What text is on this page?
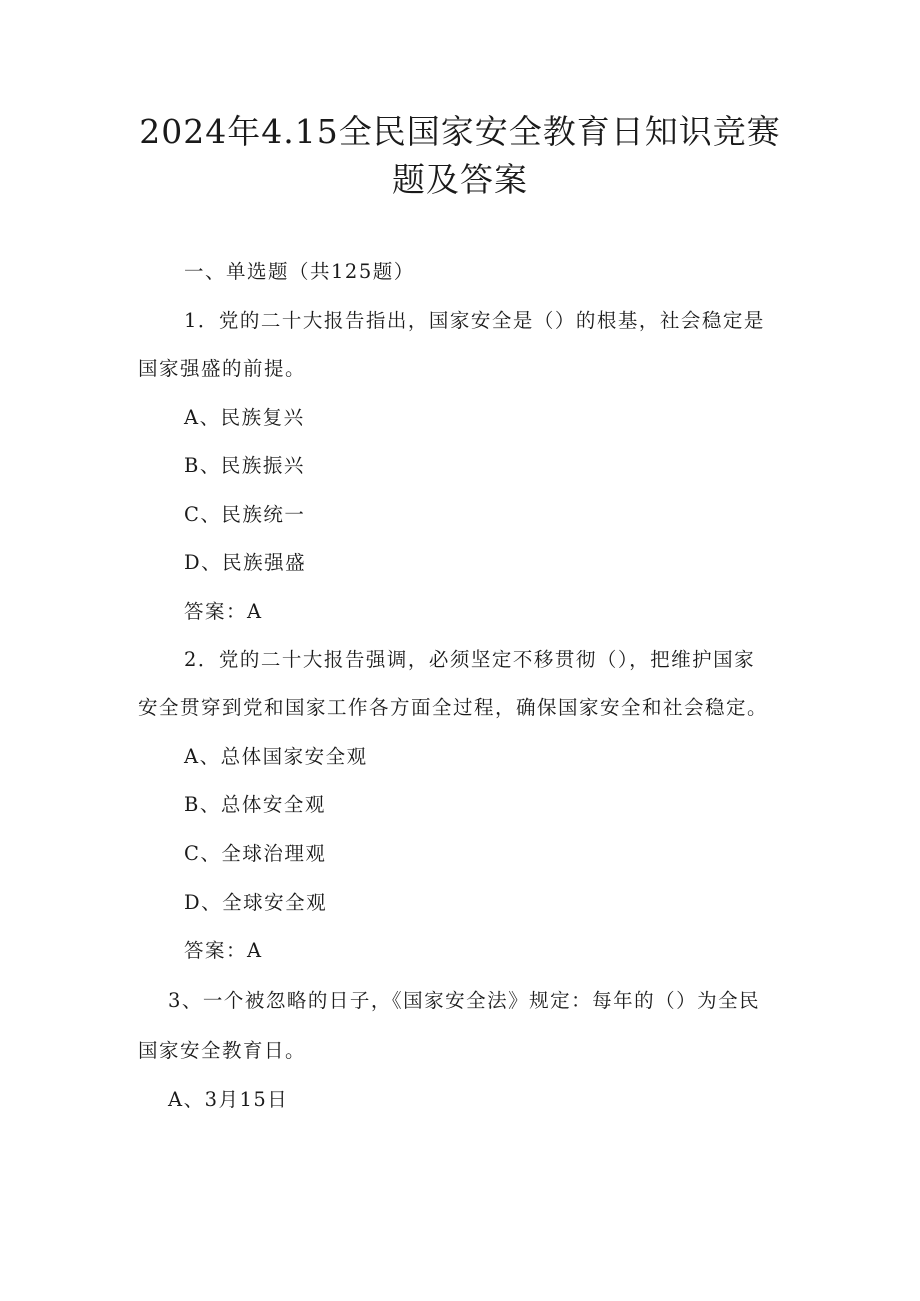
2024年4.15全民国家安全教育日知识竞赛
题及答案
一、单选题（共125题）
1．党的二十大报告指出，国家安全是（）的根基，社会稳定是
国家强盛的前提。
A、民族复兴
B、民族振兴
C、民族统一
D、民族强盛
答案：A
2．党的二十大报告强调，必须坚定不移贯彻（），把维护国家
安全贯穿到党和国家工作各方面全过程，确保国家安全和社会稳定。
A、总体国家安全观
B、总体安全观
C、全球治理观
D、全球安全观
答案：A
3、一个被忽略的日子，《国家安全法》规定：每年的（）为全民
国家安全教育日。
A、3月15日
